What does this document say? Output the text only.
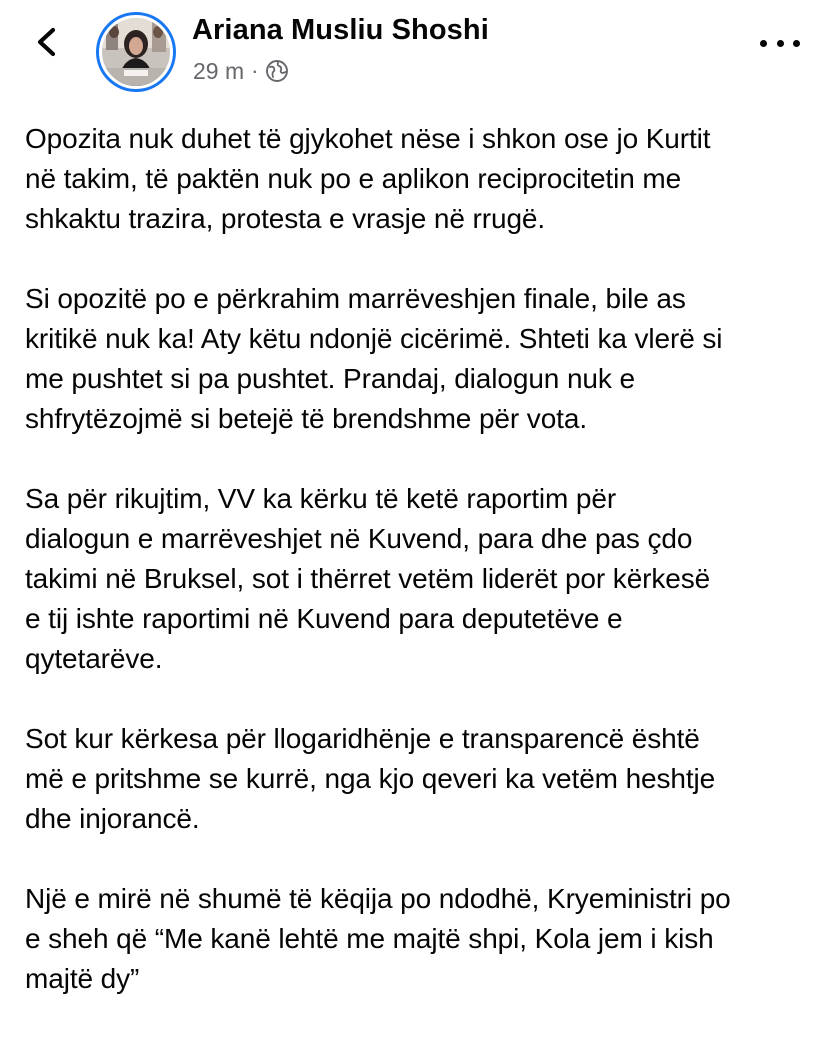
Ariana Musliu Shoshi
29 m ·
Opozita nuk duhet të gjykohet nëse i shkon ose jo Kurtit
në takim, të paktën nuk po e aplikon reciprocitetin me
shkaktu trazira, protesta e vrasje në rrugë.
Si opozitë po e përkrahim marrëveshjen finale, bile as
kritikë nuk ka! Aty këtu ndonjë cicërimë. Shteti ka vlerë si
me pushtet si pa pushtet. Prandaj, dialogun nuk e
shfrytëzojmë si betejë të brendshme për vota.
Sa për rikujtim, VV ka kërku të ketë raportim për
dialogun e marrëveshjet në Kuvend, para dhe pas çdo
takimi në Bruksel, sot i thërret vetëm liderët por kërkesë
e tij ishte raportimi në Kuvend para deputetëve e
qytetarëve.
Sot kur kërkesa për llogaridhënje e transparencë është
më e pritshme se kurrë, nga kjo qeveri ka vetëm heshtje
dhe injorancë.
Një e mirë në shumë të këqija po ndodhë, Kryeministri po
e sheh që “Me kanë lehtë me majtë shpi, Kola jem i kish
majtë dy”
